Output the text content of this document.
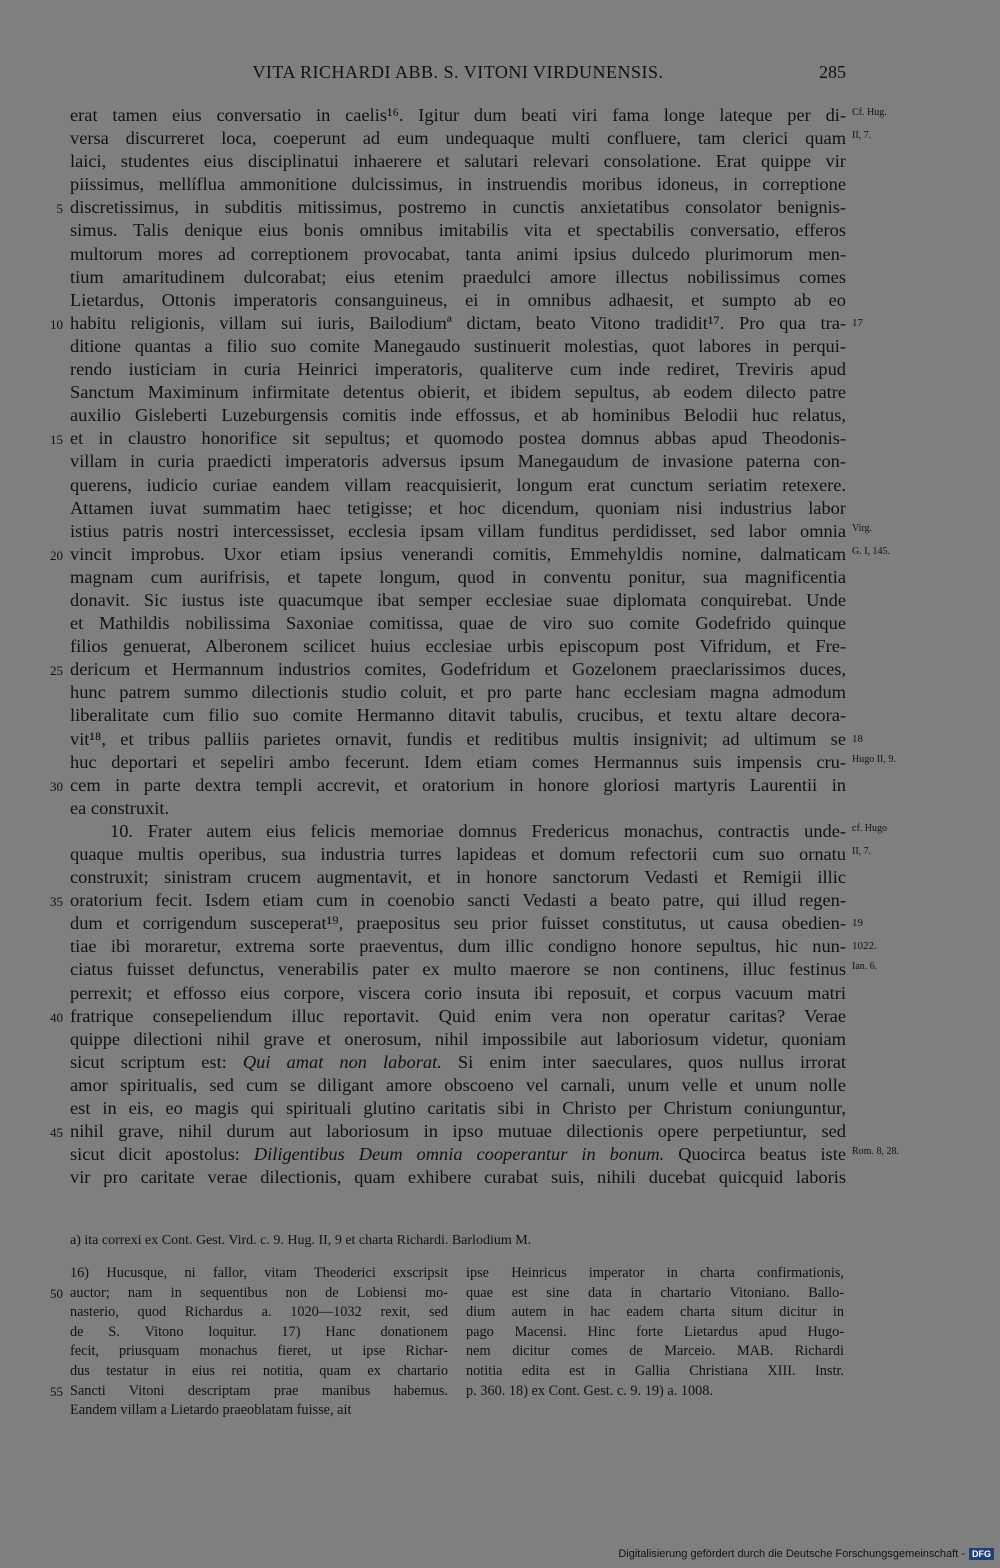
VITA RICHARDI ABB. S. VITONI VIRDUNENSIS.	285
erat tamen eius conversatio in caelis¹⁶. Igitur dum beati viri fama longe lateque per di- Cf. Hug.
versa discurreret loca, coeperunt ad eum undequaque multi confluere, tam clerici quam II, 7.
laici, studentes eius disciplinatui inhaerere et salutari relevari consolatione. Erat quippe vir
piissimus, mellíflua ammonitione dulcissimus, in instruendis moribus idoneus, in correptione
5 discretissimus, in subditis mitissimus, postremo in cunctis anxietatibus consolator benignis-
simus. Talis denique eius bonis omnibus imitabilis vita et spectabilis conversatio, efferos
multorum mores ad correptionem provocabat, tanta animi ipsius dulcedo plurimorum men-
tium amaritudinem dulcorabat; eius etenim praedulci amore illectus nobilissimus comes
Lietardus, Ottonis imperatoris consanguineus, ei in omnibus adhaesit, et sumpto ab eo
10 habitu religionis, villam sui iuris, Bailodiumª dictam, beato Vitono tradidit¹⁷. Pro qua tra- 17
ditione quantas a filio suo comite Manegaudo sustinuerit molestias, quot labores in perqui-
rendo iusticiam in curia Heinrici imperatoris, qualiterve cum inde rediret, Treviris apud
Sanctum Maximinum infirmitate detentus obierit, et ibidem sepultus, ab eodem dilecto patre
auxilio Gisleberti Luzeburgensis comitis inde effossus, et ab hominibus Belodii huc relatus,
15 et in claustro honorifice sit sepultus; et quomodo postea domnus abbas apud Theodonis-
villam in curia praedicti imperatoris adversus ipsum Manegaudum de invasione paterna con-
querens, iudicio curiae eandem villam reacquisierit, longum erat cunctum seriatim retexere.
Attamen iuvat summatim haec tetigisse; et hoc dicendum, quoniam nisi industrius labor
istius patris nostri intercessisset, ecclesia ipsam villam funditus perdidisset, sed labor omnia Virg.
20 vincit improbus. Uxor etiam ipsius venerandi comitis, Emmehyldis nomine, dalmaticam G. I, 145.
magnam cum aurifrisis, et tapete longum, quod in conventu ponitur, sua magnificentia
donavit. Sic iustus iste quacumque ibat semper ecclesiae suae diplomata conquirebat. Unde
et Mathildis nobilissima Saxoniae comitissa, quae de viro suo comite Godefrido quinque
filios genuerat, Alberonem scilicet huius ecclesiae urbis episcopum post Vifridum, et Fre-
25 dericum et Hermannum industrios comites, Godefridum et Gozelonem praeclarissimos duces,
hunc patrem summo dilectionis studio coluit, et pro parte hanc ecclesiam magna admodum
liberalitate cum filio suo comite Hermanno ditavit tabulis, crucibus, et textu altare decora-
vit¹⁸, et tribus palliis parietes ornavit, fundis et reditibus multis insignivit; ad ultimum se 18
huc deportari et sepeliri ambo fecerunt. Idem etiam comes Hermannus suis impensis cru- Hugo II, 9.
30 cem in parte dextra templi accrevit, et oratorium in honore gloriosi martyris Laurentii in
ea construxit.
10. Frater autem eius felicis memoriae domnus Fredericus monachus, contractis unde- cf. Hugo
quaque multis operibus, sua industria turres lapideas et domum refectorii cum suo ornatu II, 7.
construxit; sinistram crucem augmentavit, et in honore sanctorum Vedasti et Remigii illic
35 oratorium fecit. Isdem etiam cum in coenobio sancti Vedasti a beato patre, qui illud regen-
dum et corrigendum susceperat¹⁹, praepositus seu prior fuisset constitutus, ut causa obedien- 19
tiae ibi moraretur, extrema sorte praeventus, dum illic condigno honore sepultus, hic nun- 1022.
ciatus fuisset defunctus, venerabilis pater ex multo maerore se non continens, illuc festinus Ian. 6.
perrexit; et effosso eius corpore, viscera corio insuta ibi reposuit, et corpus vacuum matri
40 fratrique consepeliendum illuc reportavit. Quid enim vera non operatur caritas? Verae
quippe dilectioni nihil grave et onerosum, nihil impossibile aut laboriosum videtur, quoniam
sicut scriptum est: Qui amat non laborat. Si enim inter saeculares, quos nullus irrorat
amor spiritualis, sed cum se diligant amore obscoeno vel carnali, unum velle et unum nolle
est in eis, eo magis qui spirituali glutino caritatis sibi in Christo per Christum coniunguntur,
45 nihil grave, nihil durum aut laboriosum in ipso mutuae dilectionis opere perpetiuntur, sed
sicut dicit apostolus: Diligentibus Deum omnia cooperantur in bonum. Quocirca beatus iste Rom. 8, 28.
vir pro caritate verae dilectionis, quam exhibere curabat suis, nihili ducebat quicquid laboris
a) ita correxi ex Cont. Gest. Vird. c. 9. Hug. II, 9 et charta Richardi. Barlodium M.
16) Hucusque, ni fallor, vitam Theoderici exscripsit
50 auctor; nam in sequentibus non de Lobiensi mo-
nasterio, quod Richardus a. 1020—1032 rexit, sed
de S. Vitono loquitur. 17) Hanc donationem
fecit, priusquam monachus fieret, ut ipse Richar-
dus testatur in eius rei notitia, quam ex chartario
55 Sancti Vitoni descriptam prae manibus habemus.
Eandem villam a Lietardo praeoblatam fuisse, ait
ipse Heinricus imperator in charta confirmationis,
quae est sine data in chartario Vitoniano. Ballo-
dium autem in hac eadem charta situm dicitur in
pago Macensi. Hinc forte Lietardus apud Hugo-
nem dicitur comes de Marceio. MAB. Richardi
notitia edita est in Gallia Christiana XIII. Instr.
p. 360. 18) ex Cont. Gest. c. 9. 19) a. 1008.
Digitalisierung gefördert durch die Deutsche Forschungsgemeinschaft - DFG
